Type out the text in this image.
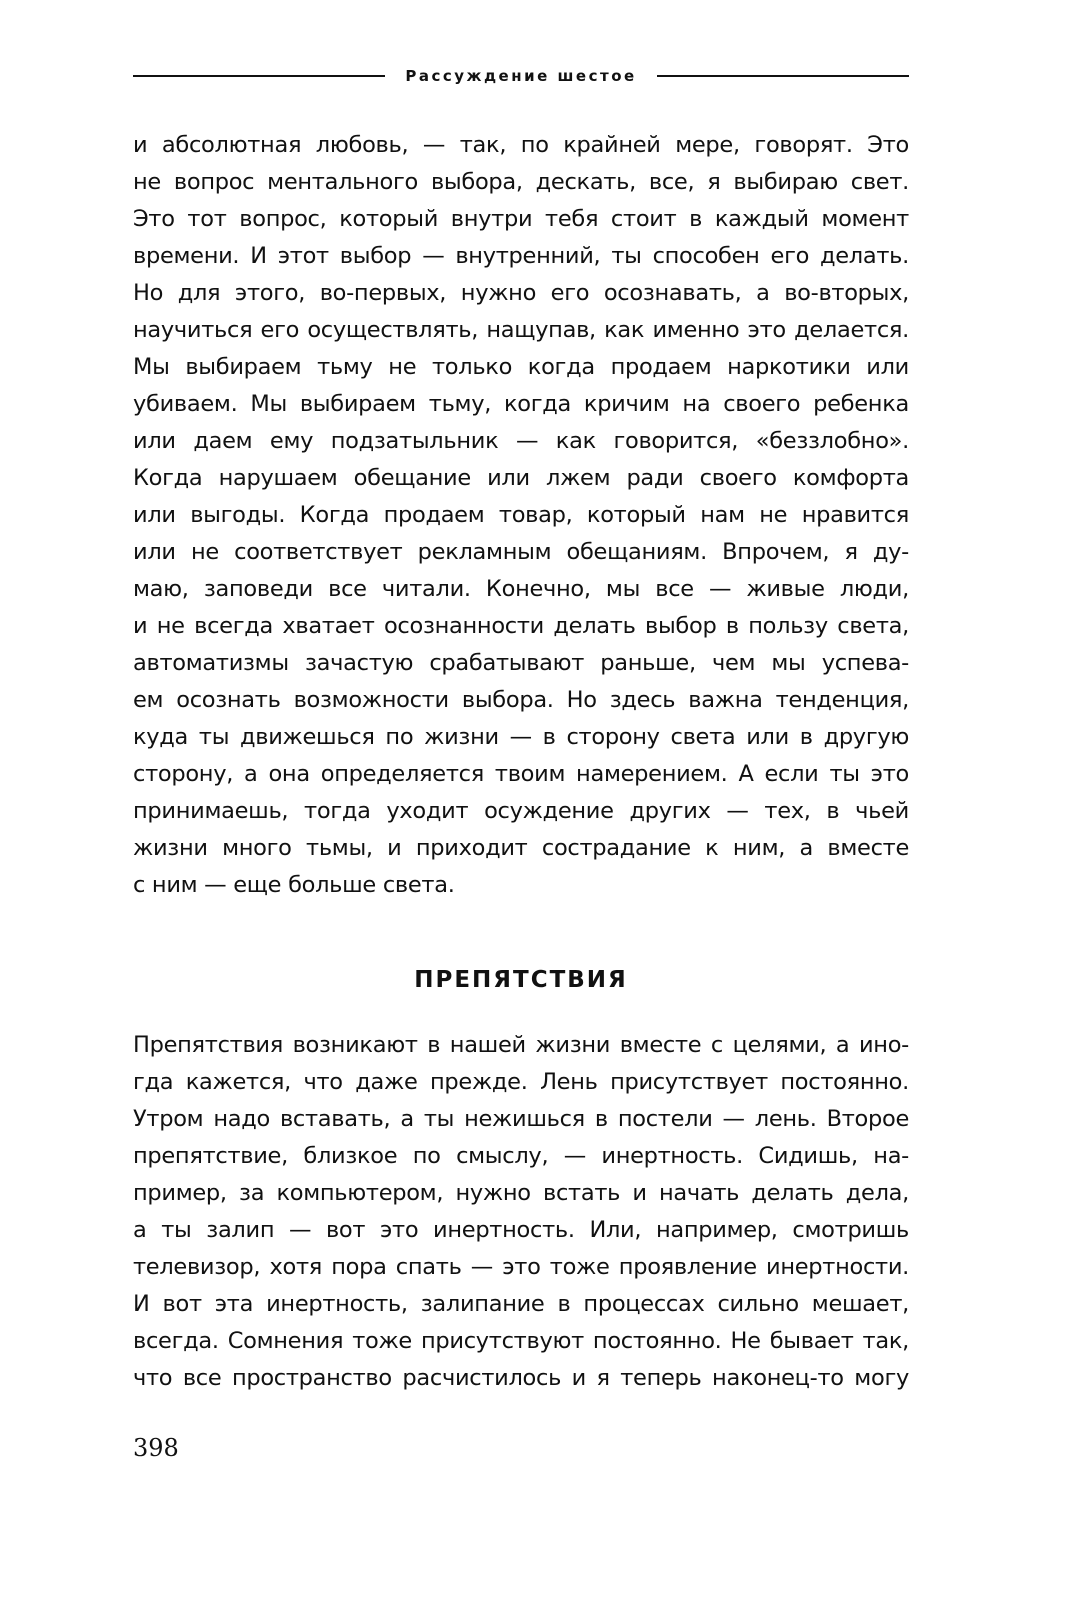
Рассуждение шестое
и абсолютная любовь, — так, по крайней мере, говорят. Это
не вопрос ментального выбора, дескать, все, я выбираю свет.
Это тот вопрос, который внутри тебя стоит в каждый момент
времени. И этот выбор — внутренний, ты способен его делать.
Но для этого, во-первых, нужно его осознавать, а во-вторых,
научиться его осуществлять, нащупав, как именно это делается.
Мы выбираем тьму не только когда продаем наркотики или
убиваем. Мы выбираем тьму, когда кричим на своего ребенка
или даем ему подзатыльник — как говорится, «беззлобно».
Когда нарушаем обещание или лжем ради своего комфорта
или выгоды. Когда продаем товар, который нам не нравится
или не соответствует рекламным обещаниям. Впрочем, я ду-
маю, заповеди все читали. Конечно, мы все — живые люди,
и не всегда хватает осознанности делать выбор в пользу света,
автоматизмы зачастую срабатывают раньше, чем мы успева-
ем осознать возможности выбора. Но здесь важна тенденция,
куда ты движешься по жизни — в сторону света или в другую
сторону, а она определяется твоим намерением. А если ты это
принимаешь, тогда уходит осуждение других — тех, в чьей
жизни много тьмы, и приходит сострадание к ним, а вместе
с ним — еще больше света.
ПРЕПЯТСТВИЯ
Препятствия возникают в нашей жизни вместе с целями, а ино-
гда кажется, что даже прежде. Лень присутствует постоянно.
Утром надо вставать, а ты нежишься в постели — лень. Второе
препятствие, близкое по смыслу, — инертность. Сидишь, на-
пример, за компьютером, нужно встать и начать делать дела,
а ты залип — вот это инертность. Или, например, смотришь
телевизор, хотя пора спать — это тоже проявление инертности.
И вот эта инертность, залипание в процессах сильно мешает,
всегда. Сомнения тоже присутствуют постоянно. Не бывает так,
что все пространство расчистилось и я теперь наконец-то могу
398
